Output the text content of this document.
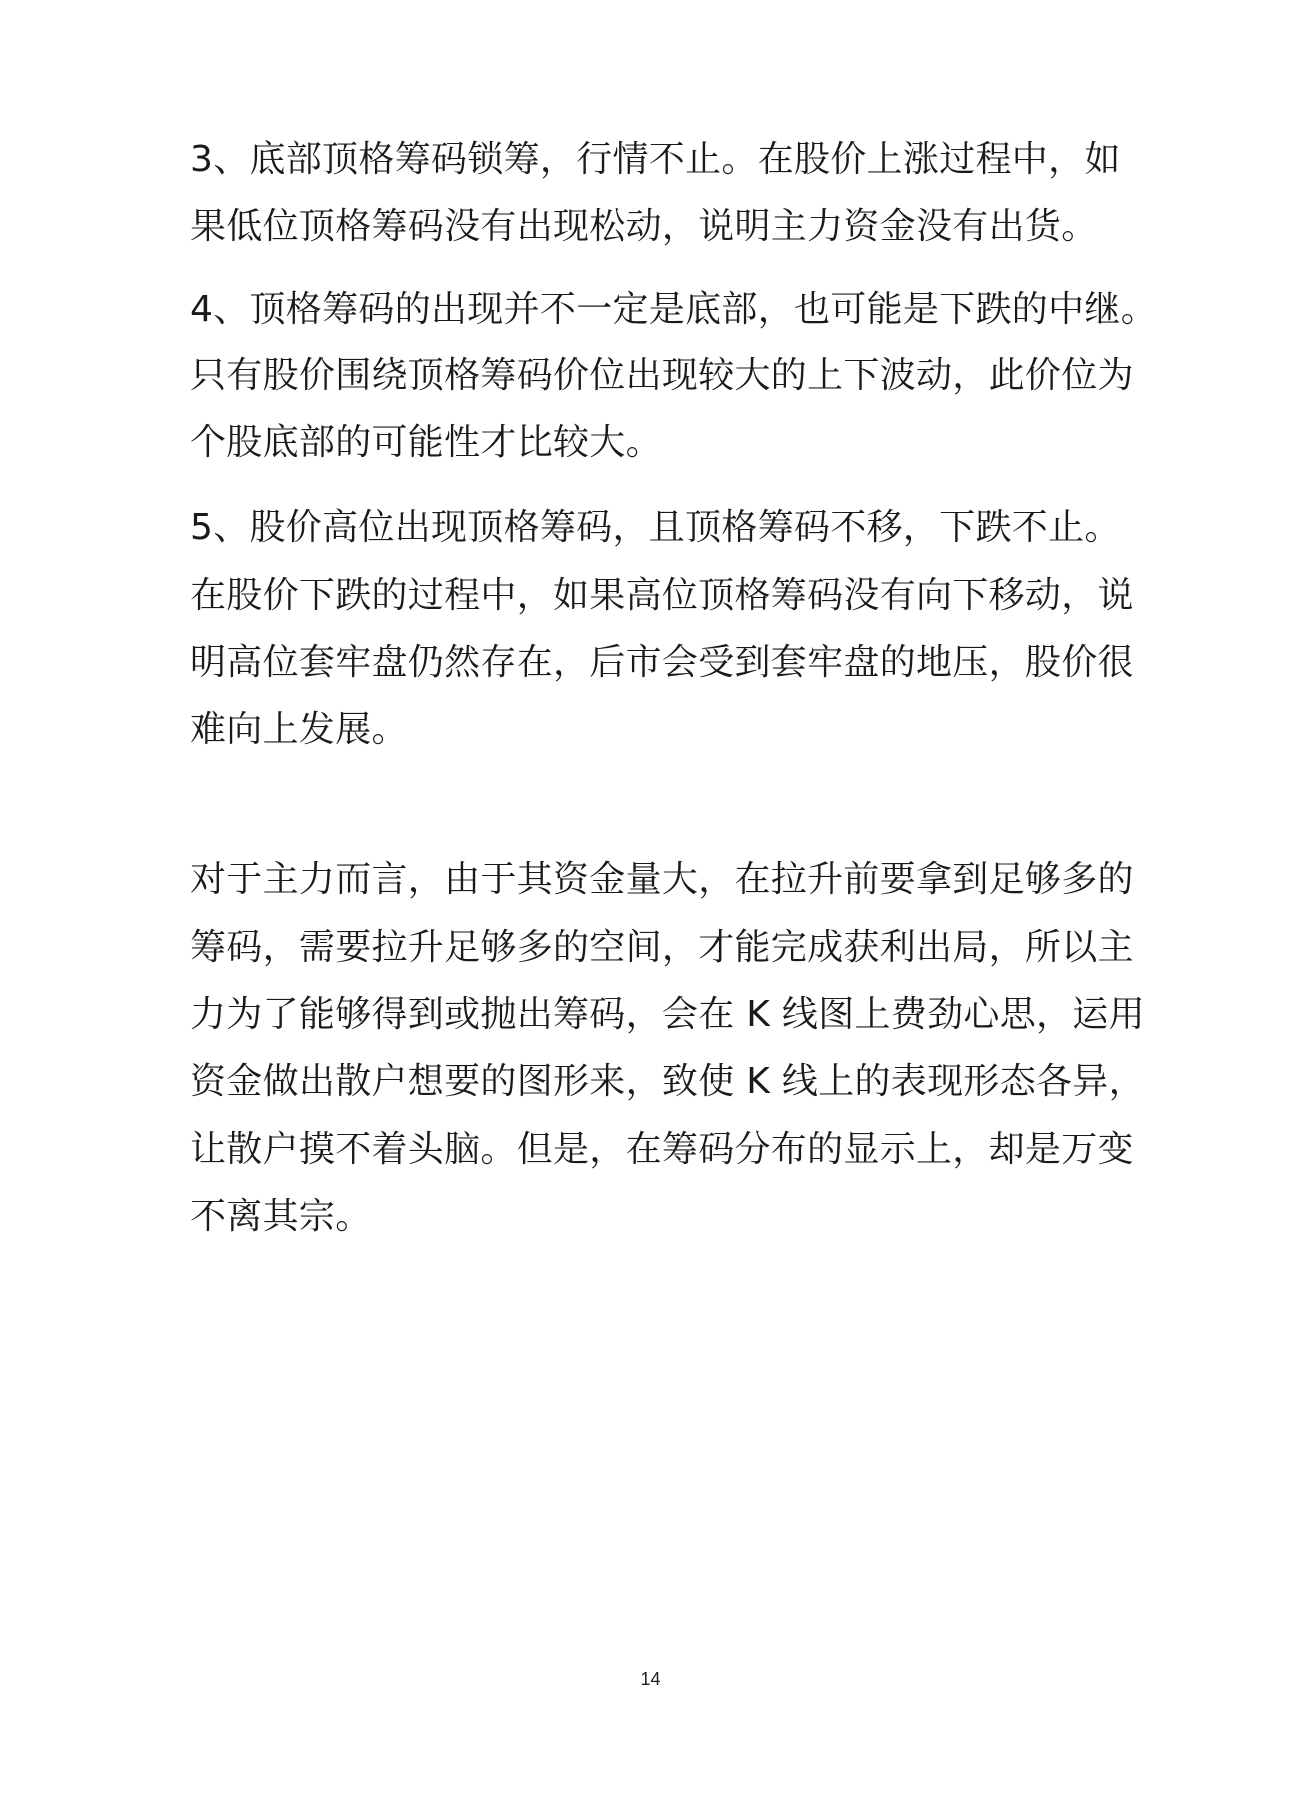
3、底部顶格筹码锁筹，行情不止。在股价上涨过程中，如
果低位顶格筹码没有出现松动，说明主力资金没有出货。
4、顶格筹码的出现并不一定是底部，也可能是下跌的中继。
只有股价围绕顶格筹码价位出现较大的上下波动，此价位为
个股底部的可能性才比较大。
5、股价高位出现顶格筹码，且顶格筹码不移，下跌不止。
在股价下跌的过程中，如果高位顶格筹码没有向下移动，说
明高位套牢盘仍然存在，后市会受到套牢盘的地压，股价很
难向上发展。
对于主力而言，由于其资金量大，在拉升前要拿到足够多的
筹码，需要拉升足够多的空间，才能完成获利出局，所以主
力为了能够得到或抛出筹码，会在 K 线图上费劲心思，运用
资金做出散户想要的图形来，致使 K 线上的表现形态各异，
让散户摸不着头脑。但是，在筹码分布的显示上，却是万变
不离其宗。
14
